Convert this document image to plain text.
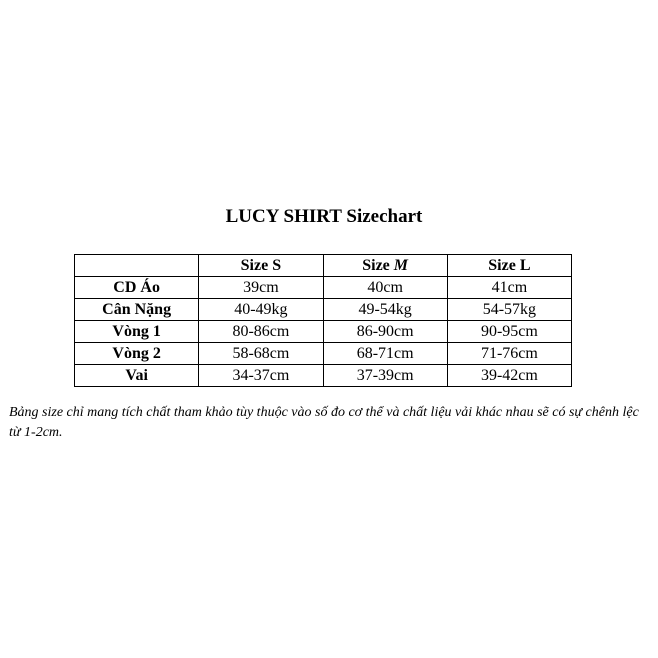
LUCY SHIRT Sizechart
	Size S	Size M	Size L
CD Áo	39cm	40cm	41cm
Cân Nặng	40-49kg	49-54kg	54-57kg
Vòng 1	80-86cm	86-90cm	90-95cm
Vòng 2	58-68cm	68-71cm	71-76cm
Vai	34-37cm	37-39cm	39-42cm
Bảng size chỉ mang tích chất tham khảo tùy thuộc vào số đo cơ thể và chất liệu vải khác nhau sẽ có sự chênh lệc từ 1-2cm.
